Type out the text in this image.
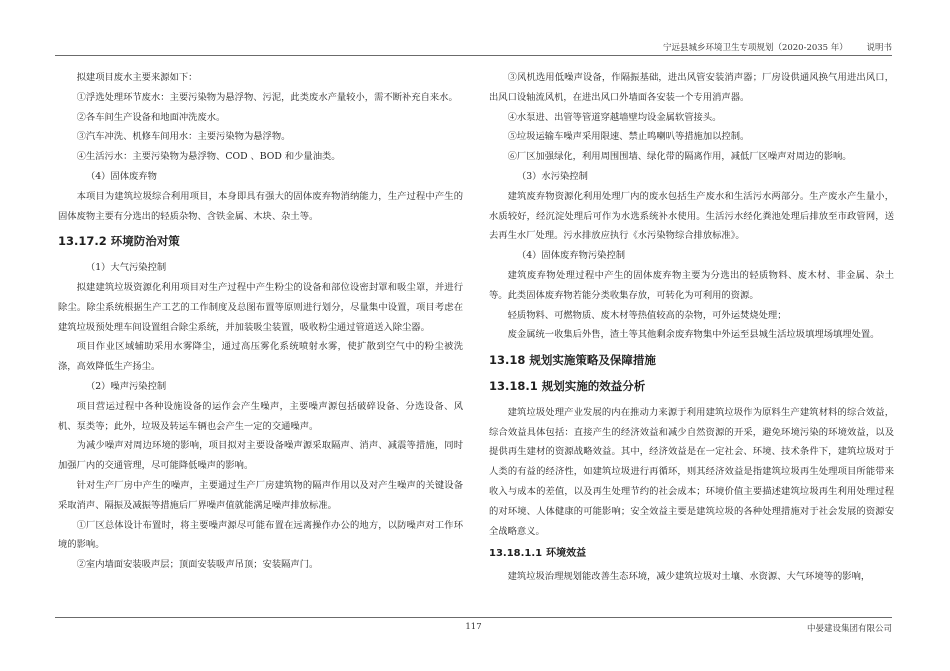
宁远县城乡环境卫生专项规划（2020-2035 年） 说明书

拟建项目废水主要来源如下：

①浮选处理环节废水：主要污染物为悬浮物、污泥，此类废水产量较小，需不断补充自来水。

②各车间生产设备和地面冲洗废水。

③汽车冲洗、机修车间用水：主要污染物为悬浮物。

④生活污水：主要污染物为悬浮物、COD 、BOD 和少量油类。

（4）固体废弃物

本项目为建筑垃圾综合利用项目，本身即具有强大的固体废弃物消纳能力，生产过程中产生的固体废物主要有分选出的轻质杂物、含铁金属、木块、杂土等。

13.17.2 环境防治对策

（1）大气污染控制

拟建建筑垃圾资源化利用项目对生产过程中产生粉尘的设备和部位设密封罩和吸尘罩，并进行除尘。除尘系统根据生产工艺的工作制度及总图布置等原则进行划分，尽量集中设置，项目考虑在建筑垃圾预处理车间设置组合除尘系统，并加装吸尘装置，吸收粉尘通过管道送入除尘器。

项目作业区域辅助采用水雾降尘，通过高压雾化系统喷射水雾，使扩散到空气中的粉尘被洗涤，高效降低生产扬尘。

（2）噪声污染控制

项目营运过程中各种设施设备的运作会产生噪声，主要噪声源包括破碎设备、分选设备、风机、泵类等；此外，垃圾及转运车辆也会产生一定的交通噪声。

为减少噪声对周边环境的影响，项目拟对主要设备噪声源采取隔声、消声、减震等措施，同时加强厂内的交通管理，尽可能降低噪声的影响。

针对生产厂房中产生的噪声，主要通过生产厂房建筑物的隔声作用以及对产生噪声的关键设备采取消声、隔振及减振等措施后厂界噪声值就能满足噪声排放标准。

①厂区总体设计布置时，将主要噪声源尽可能布置在远离操作办公的地方，以防噪声对工作环境的影响。

②室内墙面安装吸声层；顶面安装吸声吊顶；安装隔声门。

③风机选用低噪声设备，作隔振基础，进出风管安装消声器；厂房设供通风换气用进出风口，出风口设轴流风机，在进出风口外墙面各安装一个专用消声器。

④水泵进、出管等管道穿越墙壁均设金属软管接头。

⑤垃圾运输车噪声采用限速、禁止鸣喇叭等措施加以控制。

⑥厂区加强绿化，利用周围围墙、绿化带的隔离作用，减低厂区噪声对周边的影响。

（3）水污染控制

建筑废弃物资源化利用处理厂内的废水包括生产废水和生活污水两部分。生产废水产生量小，水质较好，经沉淀处理后可作为水选系统补水使用。生活污水经化粪池处理后排放至市政管网，送去再生水厂处理。污水排放应执行《水污染物综合排放标准》。

（4）固体废弃物污染控制

建筑废弃物处理过程中产生的固体废弃物主要为分选出的轻质物料、废木材、非金属、杂土等。此类固体废弃物若能分类收集存放，可转化为可利用的资源。

轻质物料、可燃物质、废木材等热值较高的杂物，可外运焚烧处理；

废金属统一收集后外售，渣土等其他剩余废弃物集中外运至县城生活垃圾填埋场填埋处置。

13.18 规划实施策略及保障措施

13.18.1 规划实施的效益分析

建筑垃圾处理产业发展的内在推动力来源于利用建筑垃圾作为原料生产建筑材料的综合效益，综合效益具体包括：直接产生的经济效益和减少自然资源的开采，避免环境污染的环境效益，以及提供再生建材的资源战略效益。其中，经济效益是在一定社会、环境、技术条件下，建筑垃圾对于人类的有益的经济性，如建筑垃圾进行再循环，则其经济效益是指建筑垃圾再生处理项目所能带来收入与成本的差值，以及再生处理节约的社会成本；环境价值主要描述建筑垃圾再生利用处理过程的对环境、人体健康的可能影响；安全效益主要是建筑垃圾的各种处理措施对于社会发展的资源安全战略意义。

13.18.1.1 环境效益

建筑垃圾治理规划能改善生态环境，减少建筑垃圾对土壤、水资源、大气环境等的影响，

117	中晏建设集团有限公司
